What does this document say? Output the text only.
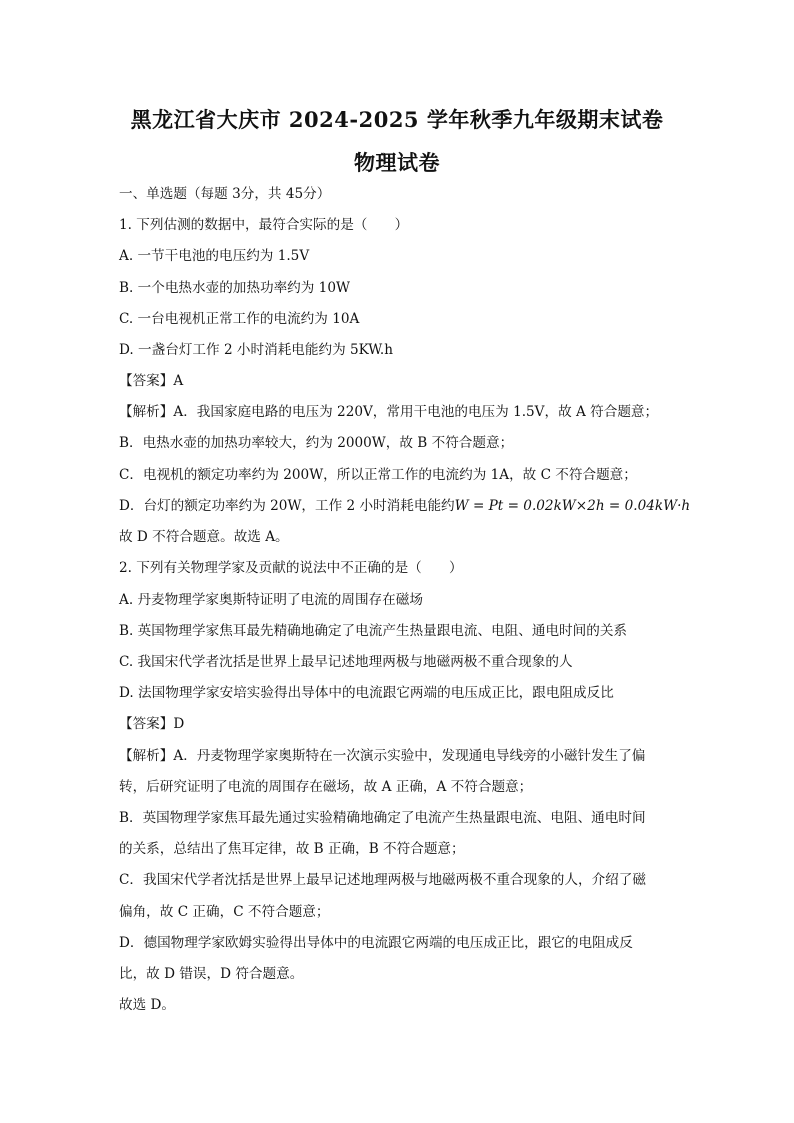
黑龙江省大庆市 2024-2025 学年秋季九年级期末试卷
物理试卷
一、单选题（每题 3分，共 45分）
1. 下列估测的数据中，最符合实际的是（　　）
A. 一节干电池的电压约为 1.5V
B. 一个电热水壶的加热功率约为 10W
C. 一台电视机正常工作的电流约为 10A
D. 一盏台灯工作 2 小时消耗电能约为 5KW.h
【答案】A
【解析】A．我国家庭电路的电压为 220V，常用干电池的电压为 1.5V，故 A 符合题意；
B．电热水壶的加热功率较大，约为 2000W，故 B 不符合题意；
C．电视机的额定功率约为 200W，所以正常工作的电流约为 1A，故 C 不符合题意；
D．台灯的额定功率约为 20W，工作 2 小时消耗电能约W = Pt = 0.02kW×2h = 0.04kW·h
故 D 不符合题意。故选 A。
2. 下列有关物理学家及贡献的说法中不正确的是（　　）
A. 丹麦物理学家奥斯特证明了电流的周围存在磁场
B. 英国物理学家焦耳最先精确地确定了电流产生热量跟电流、电阻、通电时间的关系
C. 我国宋代学者沈括是世界上最早记述地理两极与地磁两极不重合现象的人
D. 法国物理学家安培实验得出导体中的电流跟它两端的电压成正比，跟电阻成反比
【答案】D
【解析】A．丹麦物理学家奥斯特在一次演示实验中，发现通电导线旁的小磁针发生了偏
转，后研究证明了电流的周围存在磁场，故 A 正确，A 不符合题意；
B．英国物理学家焦耳最先通过实验精确地确定了电流产生热量跟电流、电阻、通电时间
的关系，总结出了焦耳定律，故 B 正确，B 不符合题意；
C．我国宋代学者沈括是世界上最早记述地理两极与地磁两极不重合现象的人，介绍了磁
偏角，故 C 正确，C 不符合题意；
D．德国物理学家欧姆实验得出导体中的电流跟它两端的电压成正比，跟它的电阻成反
比，故 D 错误，D 符合题意。
故选 D。
